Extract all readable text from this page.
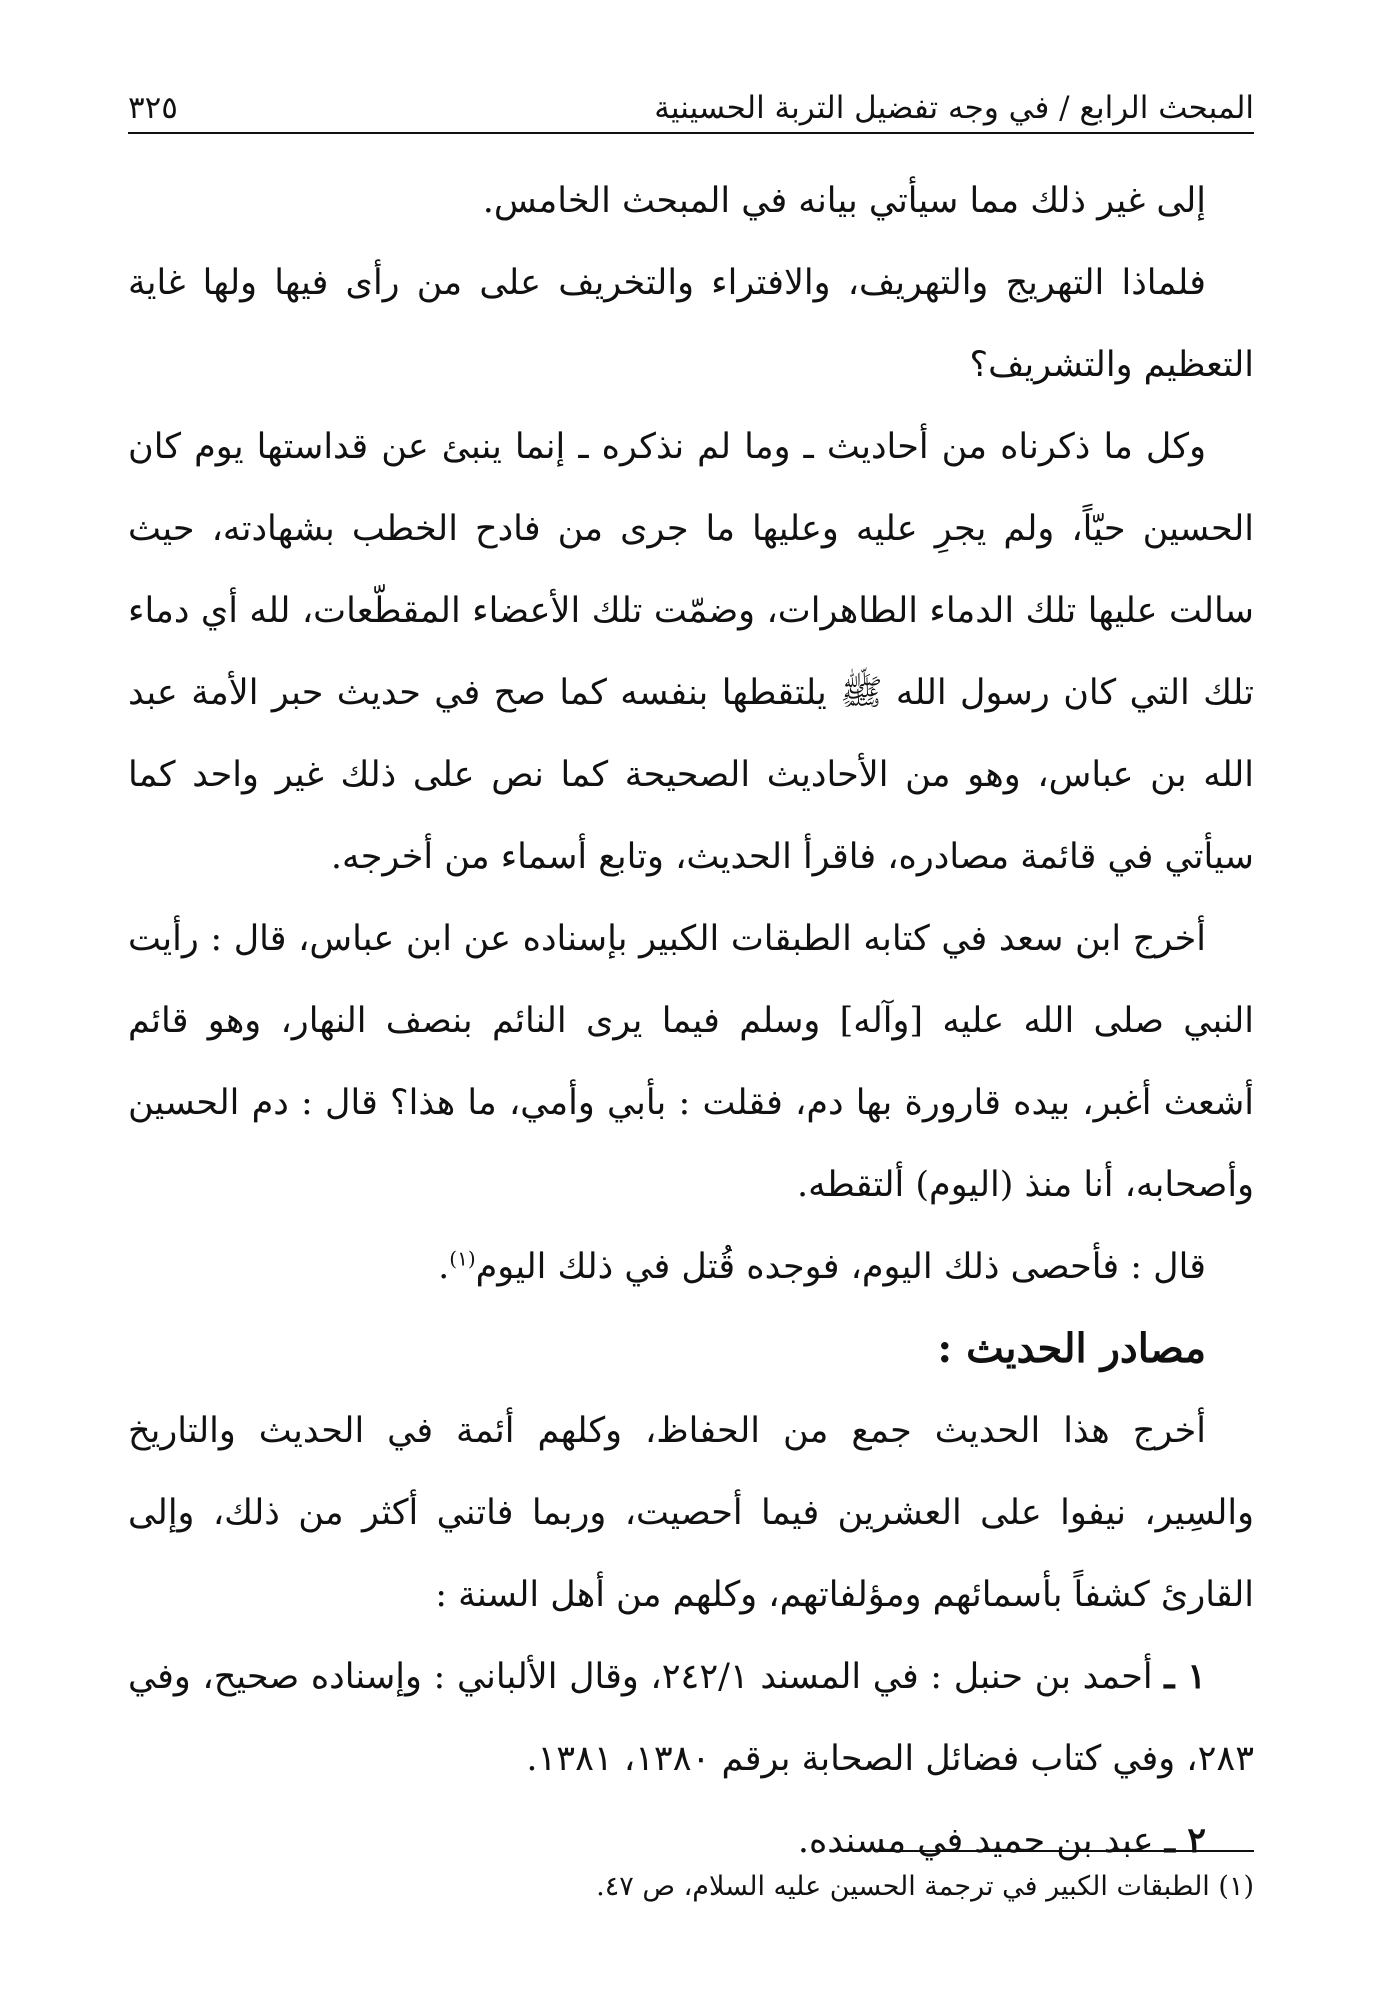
المبحث الرابع / في وجه تفضيل التربة الحسينية
٣٢٥

إلى غير ذلك مما سيأتي بيانه في المبحث الخامس.

فلماذا التهريج والتهريف، والافتراء والتخريف على من رأى فيها ولها غاية التعظيم والتشريف؟

وكل ما ذكرناه من أحاديث ـ وما لم نذكره ـ إنما ينبئ عن قداستها يوم كان الحسين حيّاً، ولم يجرِ عليه وعليها ما جرى من فادح الخطب بشهادته، حيث سالت عليها تلك الدماء الطاهرات، وضمّت تلك الأعضاء المقطّعات، لله أي دماء تلك التي كان رسول الله ﷺ يلتقطها بنفسه كما صح في حديث حبر الأمة عبد الله بن عباس، وهو من الأحاديث الصحيحة كما نص على ذلك غير واحد كما سيأتي في قائمة مصادره، فاقرأ الحديث، وتابع أسماء من أخرجه.

أخرج ابن سعد في كتابه الطبقات الكبير بإسناده عن ابن عباس، قال : رأيت النبي صلى الله عليه [وآله] وسلم فيما يرى النائم بنصف النهار، وهو قائم أشعث أغبر، بيده قارورة بها دم، فقلت : بأبي وأمي، ما هذا؟ قال : دم الحسين وأصحابه، أنا منذ (اليوم) ألتقطه.

قال : فأحصى ذلك اليوم، فوجده قُتل في ذلك اليوم$^{(١)}$.

مصادر الحديث :

أخرج هذا الحديث جمع من الحفاظ، وكلهم أئمة في الحديث والتاريخ والسِير، نيفوا على العشرين فيما أحصيت، وربما فاتني أكثر من ذلك، وإلى القارئ كشفاً بأسمائهم ومؤلفاتهم، وكلهم من أهل السنة :

١ ـ أحمد بن حنبل : في المسند ٢٤٢/١، وقال الألباني : وإسناده صحيح، وفي ٢٨٣، وفي كتاب فضائل الصحابة برقم ١٣٨٠، ١٣٨١.

٢ ـ عبد بن حميد في مسنده.

(١) الطبقات الكبير في ترجمة الحسين عليه السلام، ص ٤٧.
